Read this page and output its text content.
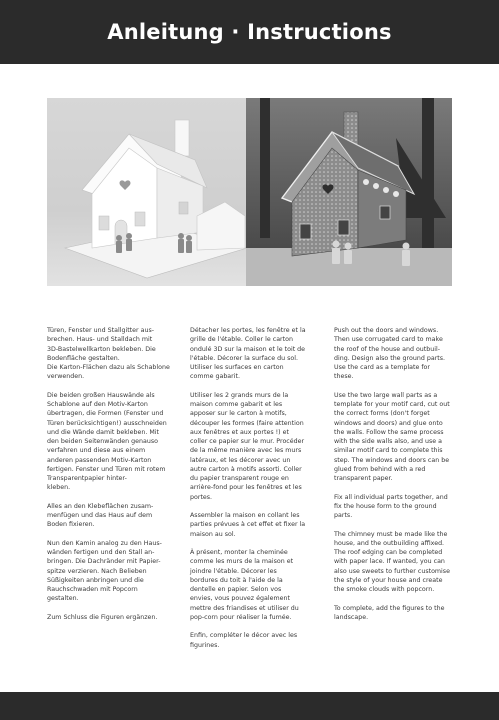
Anleitung · Instructions

Türen, Fenster und Stallgitter aus-
brechen. Haus- und Stalldach mit
3D-Bastelwellkarton bekleben. Die
Bodenfläche gestalten.
Die Karton-Flächen dazu als Schablone
verwenden.

Die beiden großen Hauswände als
Schablone auf den Motiv-Karton
übertragen, die Formen (Fenster und
Türen berücksichtigen!) ausschneiden
und die Wände damit bekleben. Mit
den beiden Seitenwänden genauso
verfahren und diese aus einem
anderen passenden Motiv-Karton
fertigen. Fenster und Türen mit rotem
Transparentpapier hinter-
kleben.

Alles an den Klebeflächen zusam-
menfügen und das Haus auf dem
Boden fixieren.

Nun den Kamin analog zu den Haus-
wänden fertigen und den Stall an-
bringen. Die Dachränder mit Papier-
spitze verzieren. Nach Belieben
Süßigkeiten anbringen und die
Rauchschwaden mit Popcorn
gestalten.

Zum Schluss die Figuren ergänzen.

Détacher les portes, les fenêtre et la
grille de l'étable. Coller le carton
ondulé 3D sur la maison et le toit de
l'étable. Décorer la surface du sol.
Utiliser les surfaces en carton
comme gabarit.

Utiliser les 2 grands murs de la
maison comme gabarit et les
apposer sur le carton à motifs,
découper les formes (faire attention
aux fenêtres et aux portes !) et
coller ce papier sur le mur. Procéder
de la même manière avec les murs
latéraux, et les décorer avec un
autre carton à motifs assorti. Coller
du papier transparent rouge en
arrière-fond pour les fenêtres et les
portes.

Assembler la maison en collant les
parties prévues à cet effet et fixer la
maison au sol.

À présent, monter la cheminée
comme les murs de la maison et
joindre l'étable. Décorer les
bordures du toit à l'aide de la
dentelle en papier. Selon vos
envies, vous pouvez également
mettre des friandises et utiliser du
pop-corn pour réaliser la fumée.

Enfin, compléter le décor avec les
figurines.

Push out the doors and windows.
Then use corrugated card to make
the roof of the house and outbuil-
ding. Design also the ground parts.
Use the card as a template for
these.

Use the two large wall parts as a
template for your motif card, cut out
the correct forms (don't forget
windows and doors) and glue onto
the walls. Follow the same process
with the side walls also, and use a
similar motif card to complete this
step. The windows and doors can be
glued from behind with a red
transparent paper.

Fix all individual parts together, and
fix the house form to the ground
parts.

The chimney must be made like the
house, and the outbuilding affixed.
The roof edging can be completed
with paper lace. If wanted, you can
also use sweets to further customise
the style of your house and create
the smoke clouds with popcorn.

To complete, add the figures to the
landscape.
